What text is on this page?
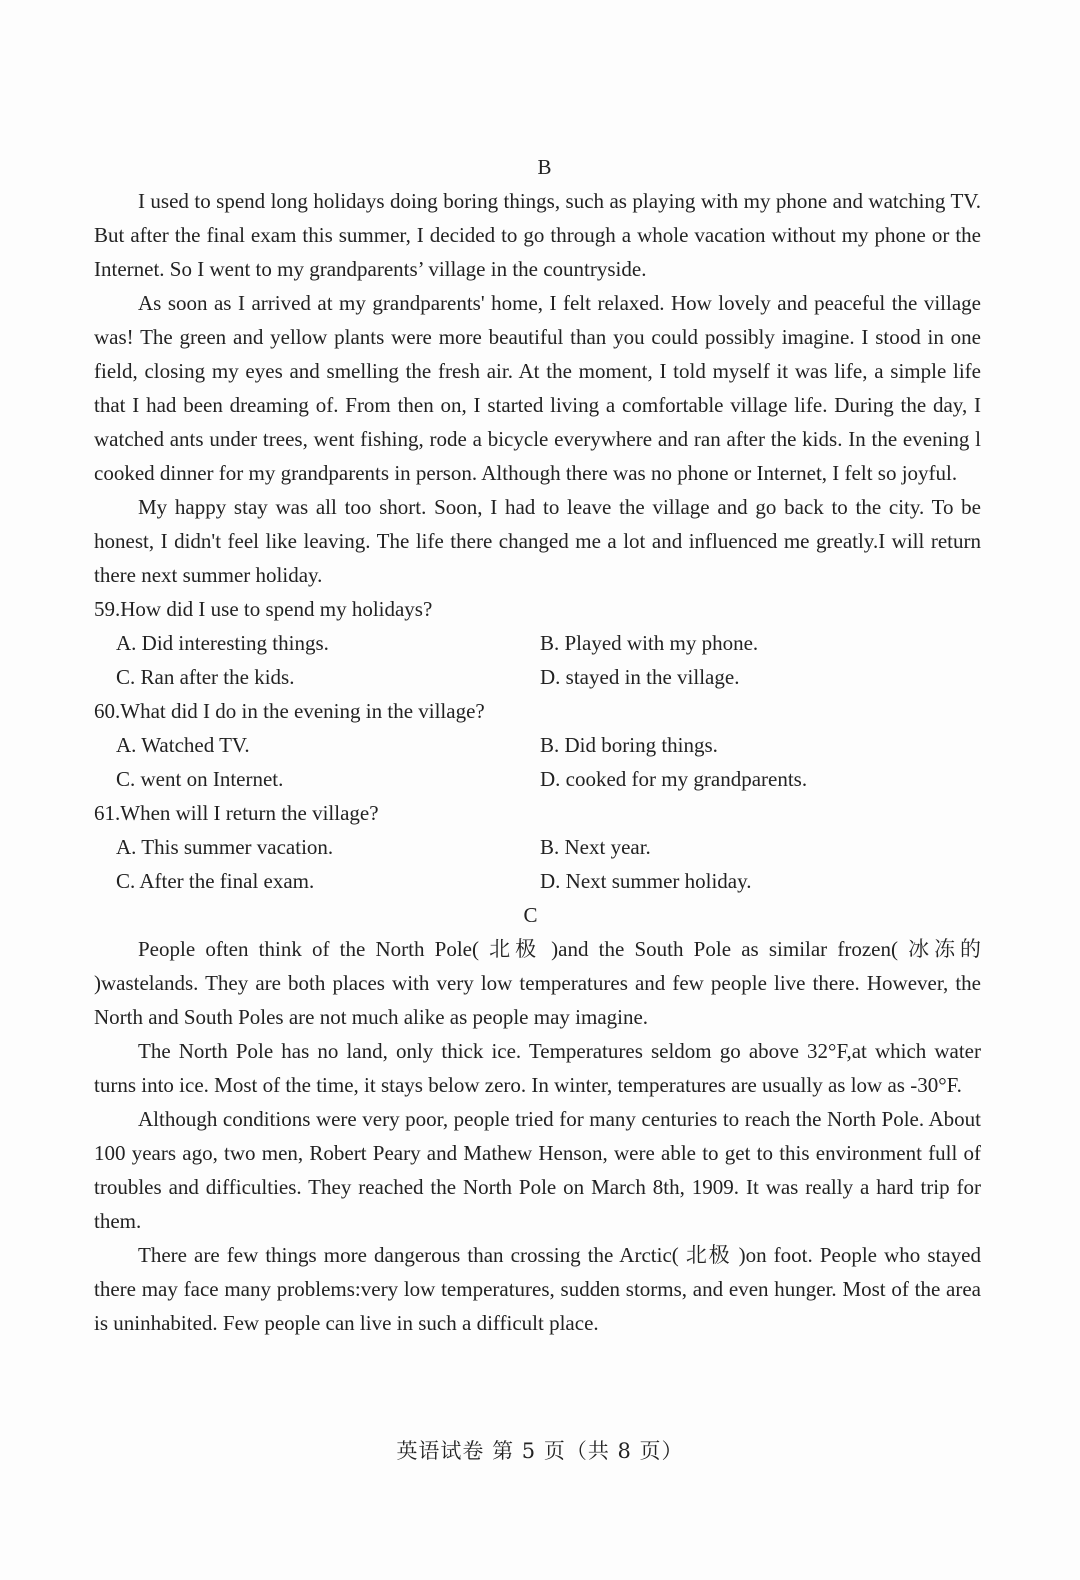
B

I used to spend long holidays doing boring things, such as playing with my phone and watching TV. But after the final exam this summer, I decided to go through a whole vacation without my phone or the Internet. So I went to my grandparents’ village in the countryside.

As soon as I arrived at my grandparents' home, I felt relaxed. How lovely and peaceful the village was! The green and yellow plants were more beautiful than you could possibly imagine. I stood in one field, closing my eyes and smelling the fresh air. At the moment, I told myself it was life, a simple life that I had been dreaming of. From then on, I started living a comfortable village life. During the day, I watched ants under trees, went fishing, rode a bicycle everywhere and ran after the kids. In the evening l cooked dinner for my grandparents in person. Although there was no phone or Internet, I felt so joyful.

My happy stay was all too short. Soon, I had to leave the village and go back to the city. To be honest, I didn't feel like leaving. The life there changed me a lot and influenced me greatly.I will return there next summer holiday.

59.How did I use to spend my holidays?
A. Did interesting things.	B. Played with my phone.
C. Ran after the kids.	D. stayed in the village.
60.What did I do in the evening in the village?
A. Watched TV.	B. Did boring things.
C. went on Internet.	D. cooked for my grandparents.
61.When will I return the village?
A. This summer vacation.	B. Next year.
C. After the final exam.	D. Next summer holiday.
C

People often think of the North Pole( 北极 )and the South Pole as similar frozen( 冰冻的 )wastelands. They are both places with very low temperatures and few people live there. However, the North and South Poles are not much alike as people may imagine.

The North Pole has no land, only thick ice. Temperatures seldom go above 32°F,at which water turns into ice. Most of the time, it stays below zero. In winter, temperatures are usually as low as -30°F.

Although conditions were very poor, people tried for many centuries to reach the North Pole. About 100 years ago, two men, Robert Peary and Mathew Henson, were able to get to this environment full of troubles and difficulties. They reached the North Pole on March 8th, 1909. It was really a hard trip for them.

There are few things more dangerous than crossing the Arctic( 北极 )on foot. People who stayed there may face many problems:very low temperatures, sudden storms, and even hunger. Most of the area is uninhabited. Few people can live in such a difficult place.

英语试卷 第 5 页（共 8 页）
